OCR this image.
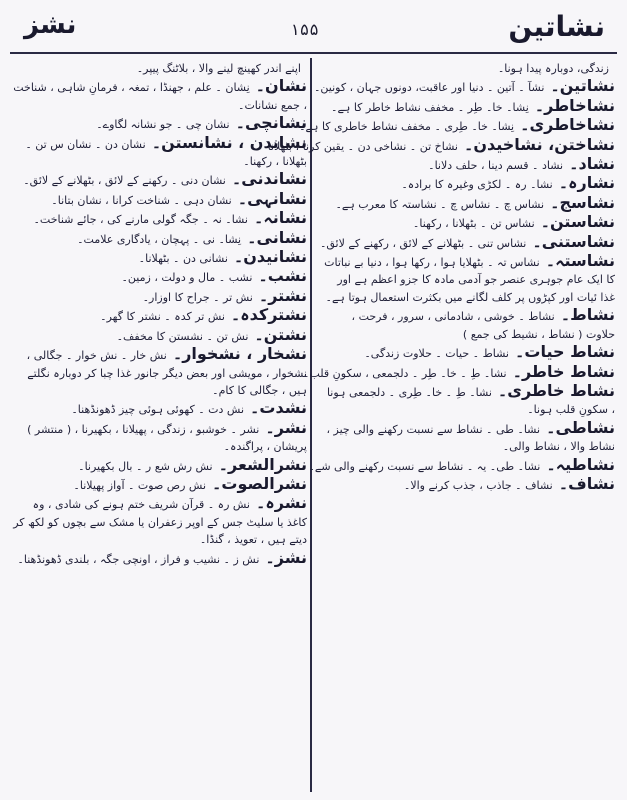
نشاتین
۱۵۵
نشز
زندگی، دوبارہ پیدا ہونا۔
نشاتین۔نشآ ۔ آتین ۔ دنیا اور عاقبت، دونوں جہان ، کونین۔
نشاخاطر۔نِشا۔ خا۔ طِر ۔ مخفف نشاط خاطر کا ہے۔
نشاخاطری۔نِشا۔ خا۔ طِری ۔ مخفف نشاط خاطری کا ہے۔
نشاختن، نشاخیدن۔نشاخ تن ۔ نشاخی دن ۔ یقین کرنا ، بٹھلانا
نشاد۔نشاد ۔ قسم دینا ، حلف دلانا۔
نشارہ۔نشا۔ رہ ۔ لکڑی وغیرہ کا برادہ۔
نشاسج۔نشاس چ ۔ نشاس چ ۔ نشاستہ کا معرب ہے۔
نشاستن۔نشاس تن ۔ بٹھلانا ، رکھنا۔
نشاستنی۔نشاس تنی ۔ بٹھلانے کے لائق ، رکھنے کے لائق۔
نشاستہ۔نشاس تہ ۔ بٹھلایا ہوا ، رکھا ہوا ، دنیا بے نباتات کا ایک عام جوہری عنصر جو آدمی مادہ کا جزو اعظم ہے اور غذا ئیات اور کپڑوں پر کلف لگانے میں بکثرت استعمال ہوتا ہے۔
نشاط۔نشاط ۔ خوشی ، شادمانی ، سرور ، فرحت ، حلاوت ( نشاط ، نشیط کی جمع )
نشاط حیات۔نشاط ۔ حیات ۔ حلاوت زندگی۔
نشاط خاطر۔نشا۔ طِ ۔ خا۔ طِر ۔ دلجمعی ، سکونِ قلب۔
نشاط خاطری۔نشا۔ طِ ۔ خا۔ طِری ۔ دلجمعی ہونا ، سکونِ قلب ہونا۔
نشاطی۔نشا۔ طی ۔ نشاط سے نسبت رکھنے والی چیز ، نشاط والا ، نشاط والی۔
نشاطیہ۔نشا۔ طی۔ یہ ۔ نشاط سے نسبت رکھنے والی شے۔
نشاف۔نشاف ۔ جاذب ، جذب کرنے والا۔
اپنے اندر کھینچ لینے والا ، بلاٹنگ پیپر۔
نشان۔نِشان ۔ علم ، جھنڈا ، تمغہ ، فرمانِ شاہی ، شناخت ، جمع نشانات۔
نشانچی۔نشان چی ۔ جو نشانہ لگاوے۔
نشاندن ، نشانستن۔نشان دن ۔ نشان س تن ۔ بٹھلانا ، رکھنا۔
نشاندنی۔نشان دنی ۔ رکھنے کے لائق ، بٹھلانے کے لائق۔
نشانہی۔نشان دہی ۔ شناخت کرانا ، نشان بتانا۔
نشانہ۔نشا۔ نہ ۔ جگہ گولی مارنے کی ، جائے شناخت۔
نشانی۔نِشا۔ نی ۔ پہچان ، یادگاری علامت۔
نشانیدن۔نشانی دن ۔ بٹھلانا۔
نشب۔نشب ۔ مال و دولت ، زمین۔
نشتر۔نش تر ۔ جراح کا اوزار۔
نشترکدہ۔نش تر کدہ ۔ نشتر کا گھر۔
نشتن۔نش تن ۔ نشستن کا مخفف۔
نشخار ، نشخوار۔نش خار ۔ نش خوار ۔ جگالی ، نشخوار ، مویشی اور بعض دیگر جانور غذا چبا کر دوبارہ نگلتے ہیں ، جگالی کا کام۔
نشدت۔نش دت ۔ کھوئی ہوئی چیز ڈھونڈھنا۔
نشر۔نشر ۔ خوشبو ، زندگی ، پھیلانا ، بکھیرنا ، ( منتشر ) پریشان ، پراگندہ۔
نشرالشعر۔نش رش شع ر ۔ بال بکھیرنا۔
نشرالصوت۔نش رص صوت ۔ آواز پھیلانا۔
نشرہ۔نش رہ ۔ قرآن شریف ختم ہونے کی شادی ، وہ کاغذ یا سلیٹ جس کے اوپر زعفران یا مشک سے بچوں کو لکھ کر دیتے ہیں ، تعویذ ، گنڈا۔
نشز۔نش ز ۔ نشیب و فراز ، اونچی جگہ ، بلندی ڈھونڈھنا۔
